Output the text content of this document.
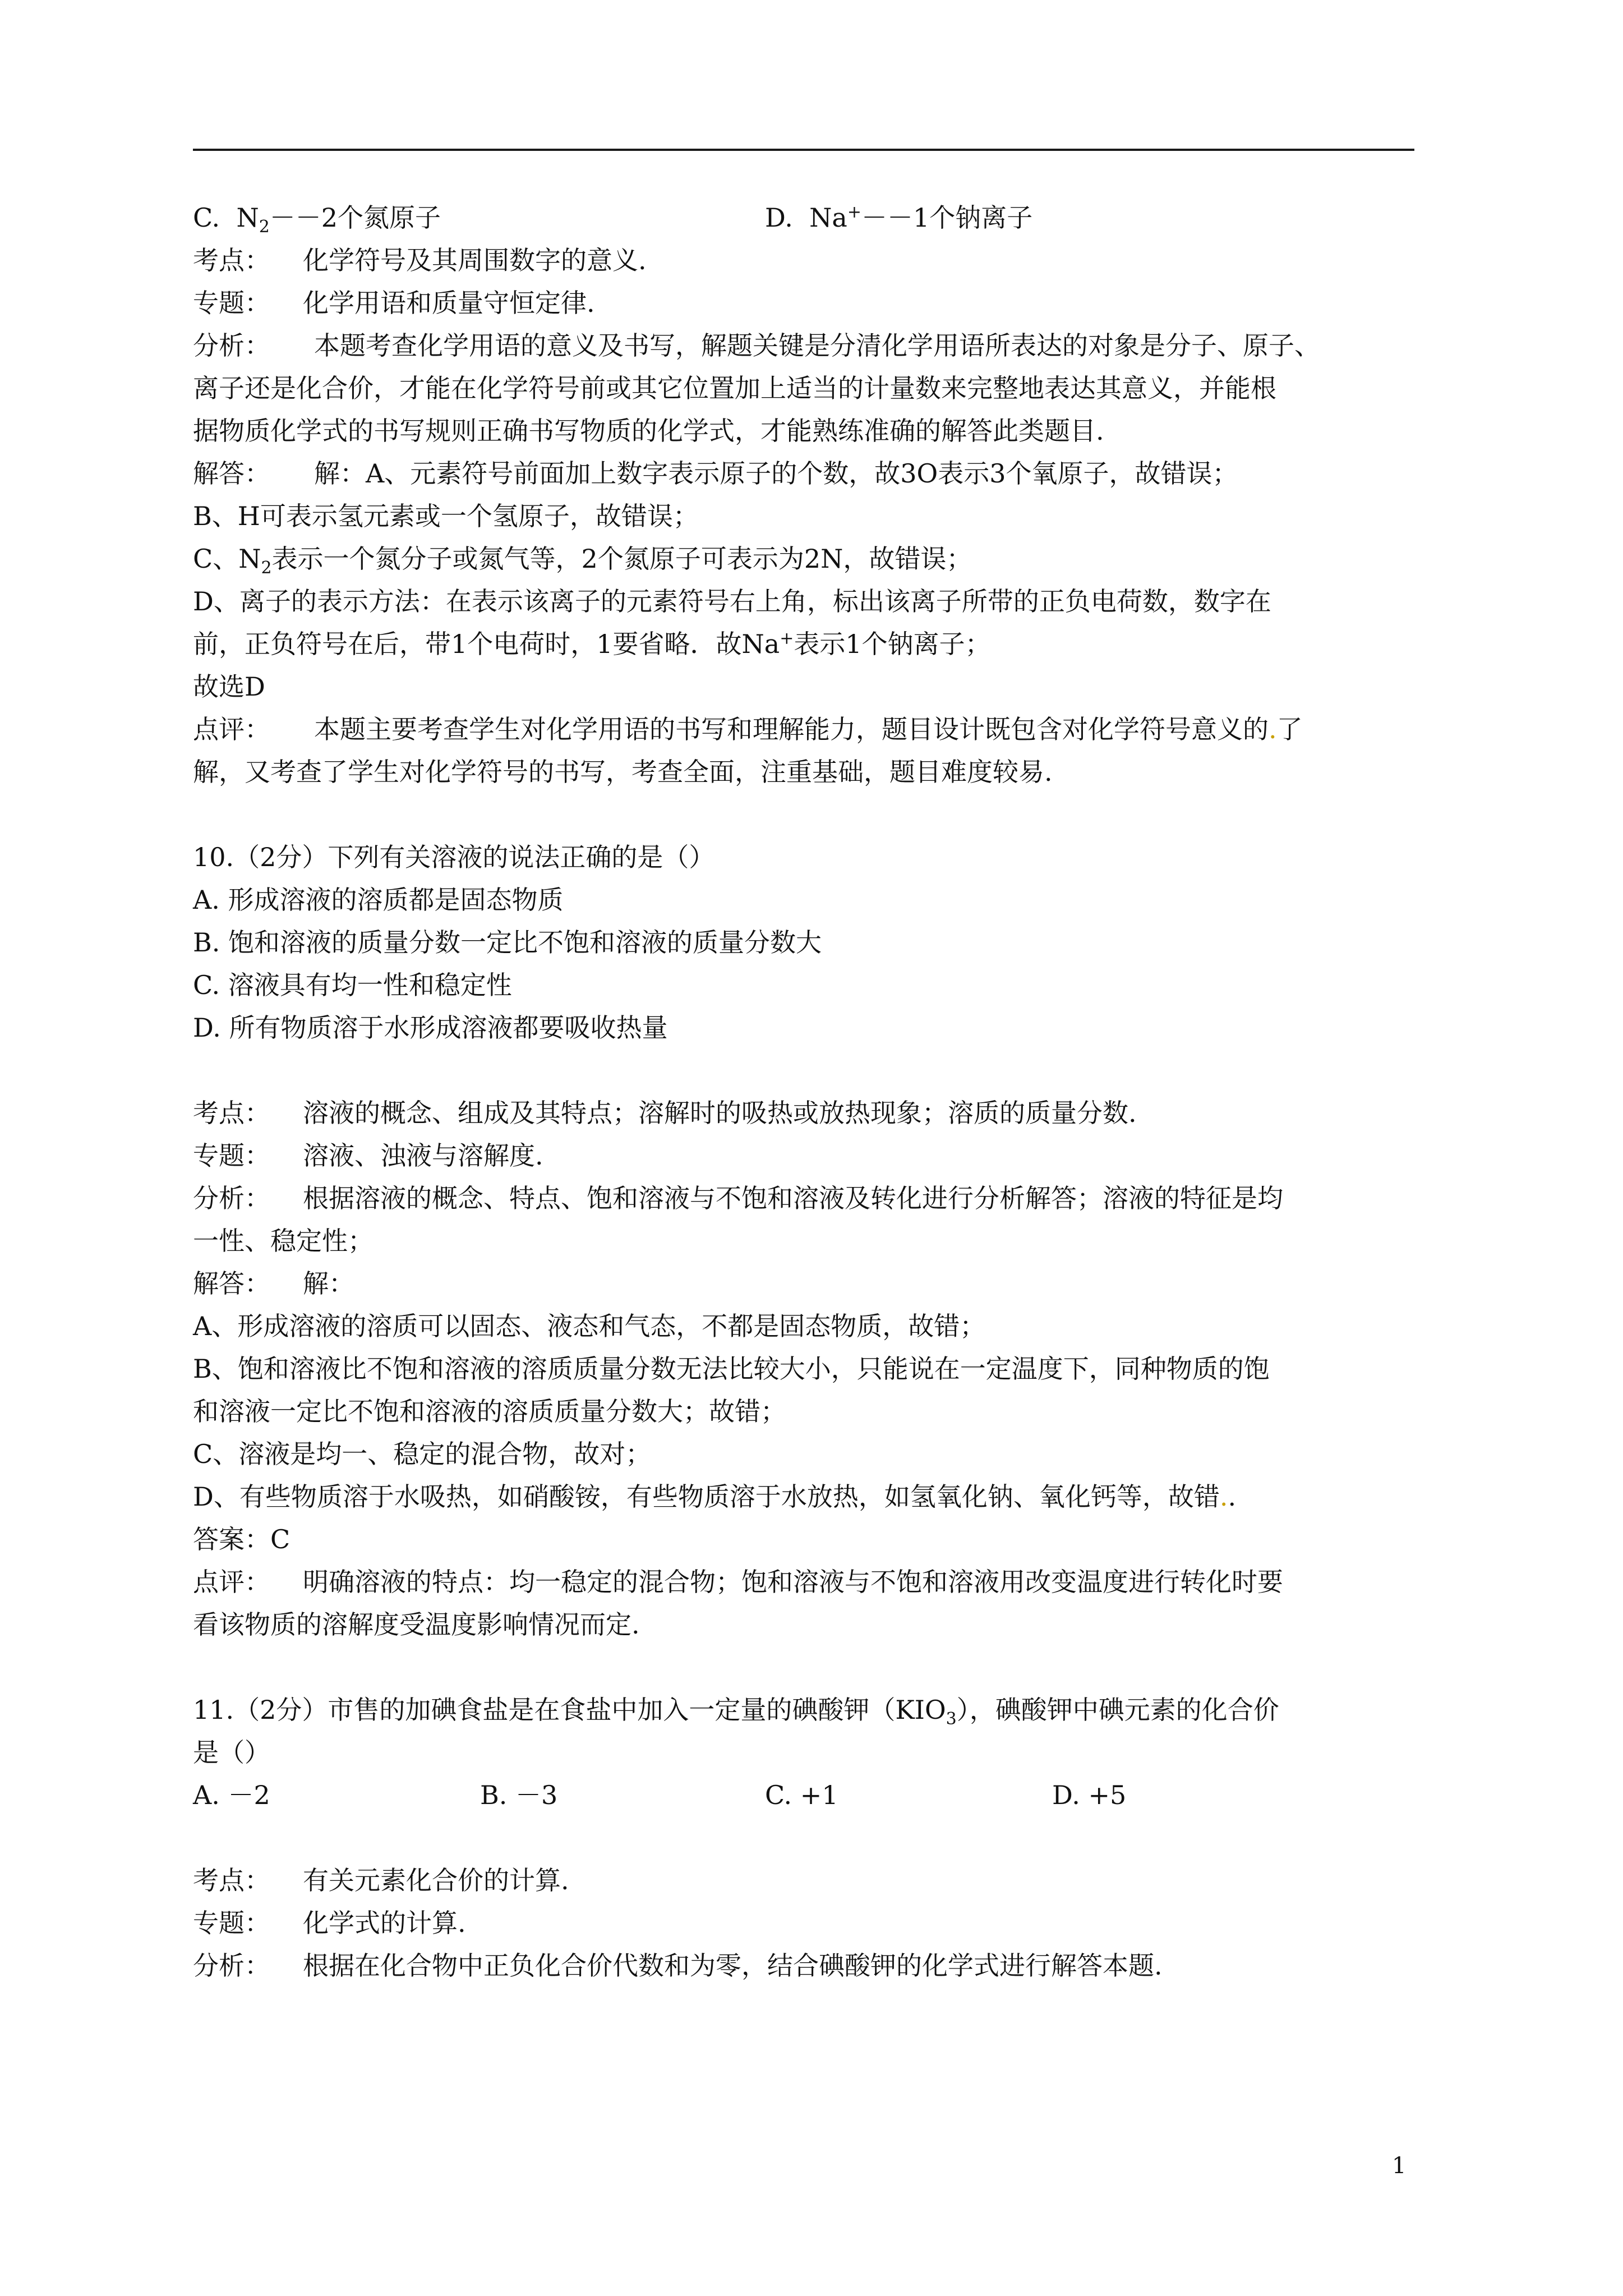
C. $N_2--2$个氮原子	D. Na+－－1个钠离子
考点： 化学符号及其周围数字的意义.
专题： 化学用语和质量守恒定律.
分析： 本题考查化学用语的意义及书写，解题关键是分清化学用语所表达的对象是分子、原子、
离子还是化合价，才能在化学符号前或其它位置加上适当的计量数来完整地表达其意义，并能根
据物质化学式的书写规则正确书写物质的化学式，才能熟练准确的解答此类题目.
解答： 解：A、元素符号前面加上数字表示原子的个数，故3O表示3个氧原子，故错误；
B、H可表示氢元素或一个氢原子，故错误；
C、$N_2$表示一个氮分子或氮气等，2个氮原子可表示为2N，故错误；
D、离子的表示方法：在表示该离子的元素符号右上角，标出该离子所带的正负电荷数，数字在
前，正负符号在后，带1个电荷时，1要省略．故Na+表示1个钠离子；
故选D
点评： 本题主要考查学生对化学用语的书写和理解能力，题目设计既包含对化学符号意义的.了
解，又考查了学生对化学符号的书写，考查全面，注重基础，题目难度较易.
10.（2分）下列有关溶液的说法正确的是（）
A. 形成溶液的溶质都是固态物质
B. 饱和溶液的质量分数一定比不饱和溶液的质量分数大
C. 溶液具有均一性和稳定性
D. 所有物质溶于水形成溶液都要吸收热量
考点： 溶液的概念、组成及其特点；溶解时的吸热或放热现象；溶质的质量分数.
专题： 溶液、浊液与溶解度.
分析： 根据溶液的概念、特点、饱和溶液与不饱和溶液及转化进行分析解答；溶液的特征是均
一性、稳定性；
解答： 解：
A、形成溶液的溶质可以固态、液态和气态，不都是固态物质，故错；
B、饱和溶液比不饱和溶液的溶质质量分数无法比较大小，只能说在一定温度下，同种物质的饱
和溶液一定比不饱和溶液的溶质质量分数大；故错；
C、溶液是均一、稳定的混合物，故对；
D、有些物质溶于水吸热，如硝酸铵，有些物质溶于水放热，如氢氧化钠、氧化钙等，故错..
答案：C
点评： 明确溶液的特点：均一稳定的混合物；饱和溶液与不饱和溶液用改变温度进行转化时要
看该物质的溶解度受温度影响情况而定.
11.（2分）市售的加碘食盐是在食盐中加入一定量的碘酸钾$(KIO_3)$，碘酸钾中碘元素的化合价
是（）
A. －2	B. －3	C. +1	D. +5
考点： 有关元素化合价的计算.
专题： 化学式的计算.
分析： 根据在化合物中正负化合价代数和为零，结合碘酸钾的化学式进行解答本题.
1
